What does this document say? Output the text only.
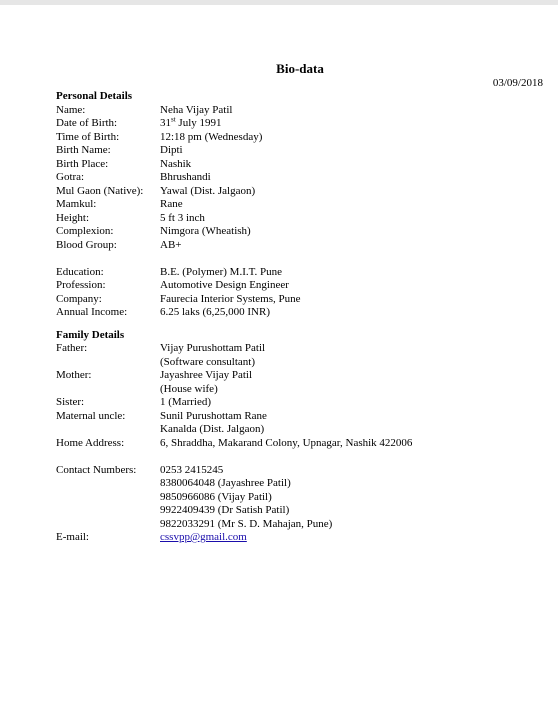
Bio-data
03/09/2018
Personal Details
Name:	Neha Vijay Patil
Date of Birth:	31st July 1991
Time of Birth:	12:18 pm (Wednesday)
Birth Name:	Dipti
Birth Place:	Nashik
Gotra:	Bhrushandi
Mul Gaon (Native):	Yawal (Dist. Jalgaon)
Mamkul:	Rane
Height:	5 ft 3 inch
Complexion:	Nimgora (Wheatish)
Blood Group:	AB+
Education:	B.E. (Polymer) M.I.T. Pune
Profession:	Automotive Design Engineer
Company:	Faurecia Interior Systems, Pune
Annual Income:	6.25 laks (6,25,000 INR)
Family Details
Father:	Vijay Purushottam Patil
(Software consultant)
Mother:	Jayashree Vijay Patil
(House wife)
Sister:	1 (Married)
Maternal uncle:	Sunil Purushottam Rane
Kanalda (Dist. Jalgaon)
Home Address:	6, Shraddha, Makarand Colony, Upnagar, Nashik 422006
Contact Numbers:	0253 2415245
8380064048 (Jayashree Patil)
9850966086 (Vijay Patil)
9922409439 (Dr Satish Patil)
9822033291 (Mr S. D. Mahajan, Pune)
E-mail:	cssvpp@gmail.com
